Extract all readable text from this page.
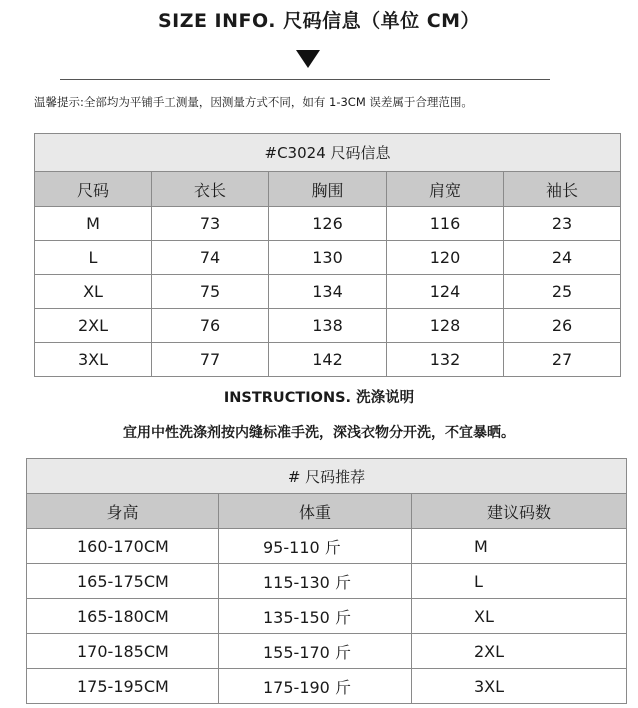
SIZE INFO. 尺码信息（单位 CM）
温馨提示:全部均为平铺手工测量，因测量方式不同，如有 1-3CM 误差属于合理范围。
#C3024 尺码信息				
尺码	衣长	胸围	肩宽	袖长
M	73	126	116	23
L	74	130	120	24
XL	75	134	124	25
2XL	76	138	128	26
3XL	77	142	132	27
INSTRUCTIONS. 洗涤说明
宜用中性洗涤剂按内缝标准手洗，深浅衣物分开洗，不宜暴晒。
# 尺码推荐		
身高	体重	建议码数
160-170CM	95-110 斤	M
165-175CM	115-130 斤	L
165-180CM	135-150 斤	XL
170-185CM	155-170 斤	2XL
175-195CM	175-190 斤	3XL
